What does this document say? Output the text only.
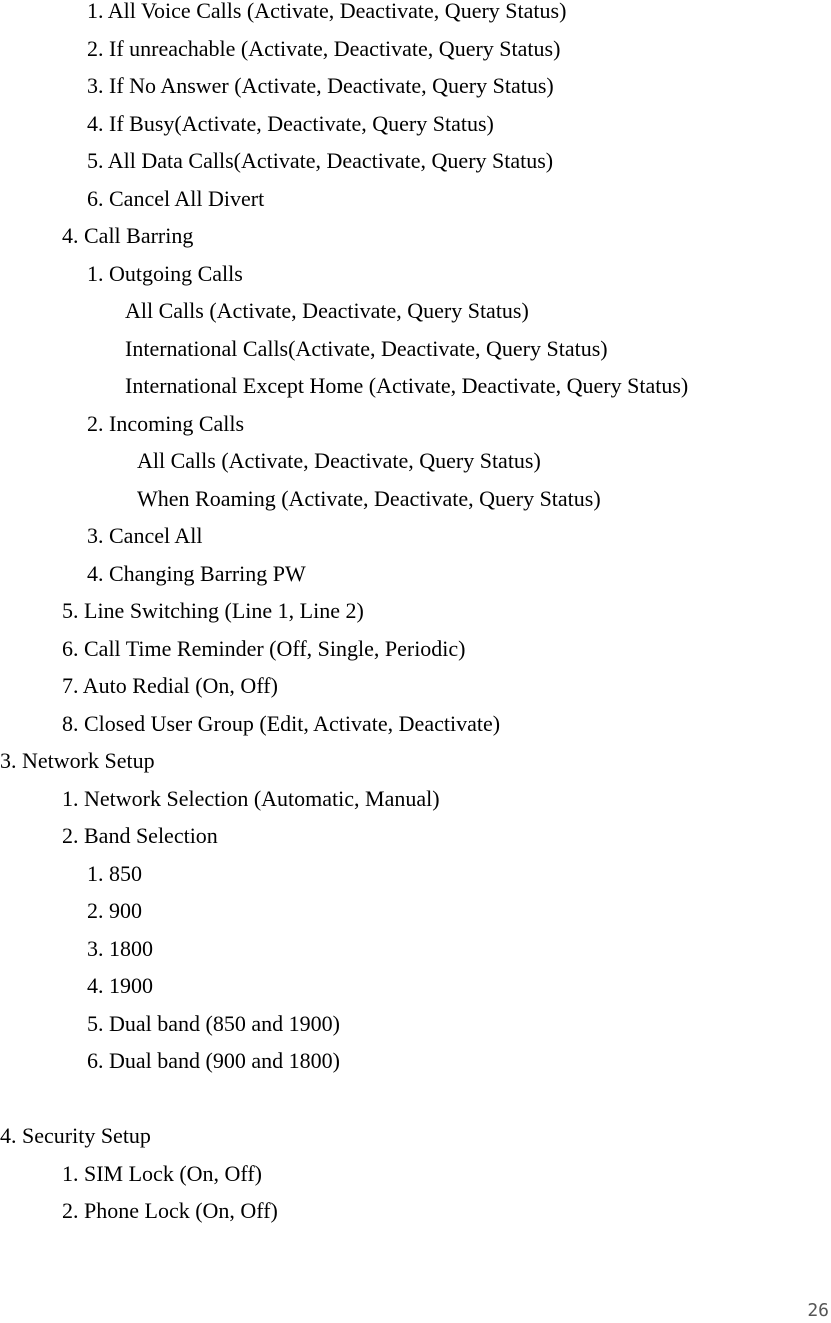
1. All Voice Calls (Activate, Deactivate, Query Status)
2. If unreachable (Activate, Deactivate, Query Status)
3. If No Answer (Activate, Deactivate, Query Status)
4. If Busy(Activate, Deactivate, Query Status)
5. All Data Calls(Activate, Deactivate, Query Status)
6. Cancel All Divert
4. Call Barring
1. Outgoing Calls
All Calls (Activate, Deactivate, Query Status)
International Calls(Activate, Deactivate, Query Status)
International Except Home (Activate, Deactivate, Query Status)
2. Incoming Calls
All Calls (Activate, Deactivate, Query Status)
When Roaming (Activate, Deactivate, Query Status)
3. Cancel All
4. Changing Barring PW
5. Line Switching (Line 1, Line 2)
6. Call Time Reminder (Off, Single, Periodic)
7. Auto Redial (On, Off)
8. Closed User Group (Edit, Activate, Deactivate)
3. Network Setup
1. Network Selection (Automatic, Manual)
2. Band Selection
1. 850
2. 900
3. 1800
4. 1900
5. Dual band (850 and 1900)
6. Dual band (900 and 1800)
4. Security Setup
1. SIM Lock (On, Off)
2. Phone Lock (On, Off)
26
